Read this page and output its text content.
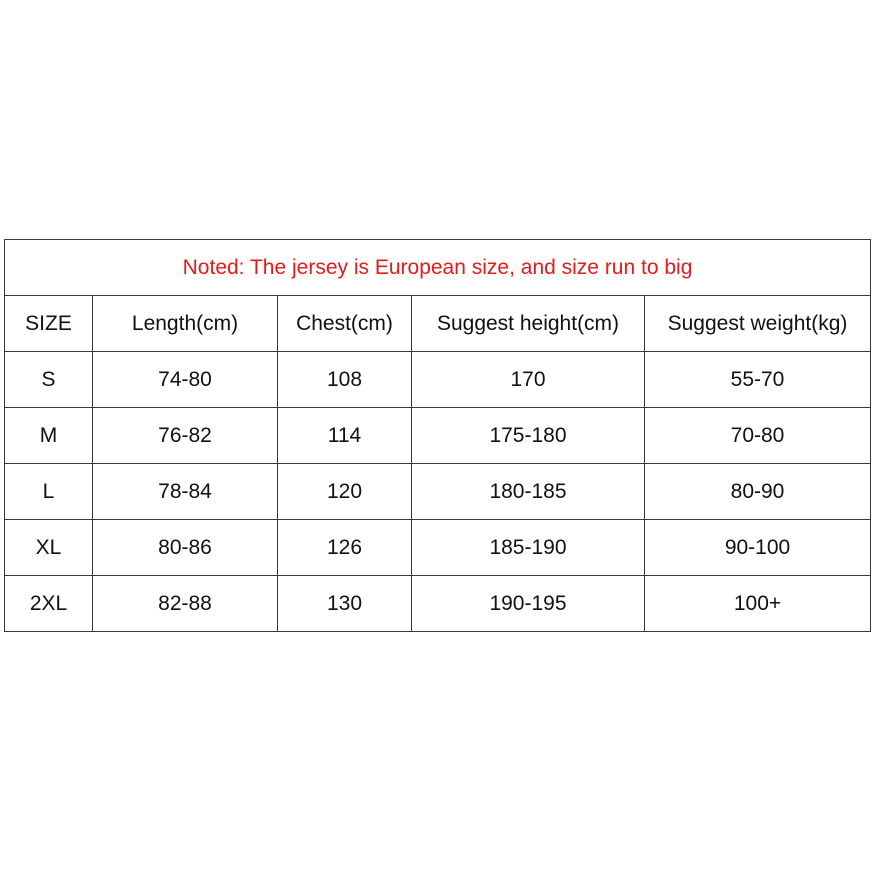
Noted: The jersey is European size, and size run to big				
SIZE	Length(cm)	Chest(cm)	Suggest height(cm)	Suggest weight(kg)
S	74-80	108	170	55-70
M	76-82	114	175-180	70-80
L	78-84	120	180-185	80-90
XL	80-86	126	185-190	90-100
2XL	82-88	130	190-195	100+
